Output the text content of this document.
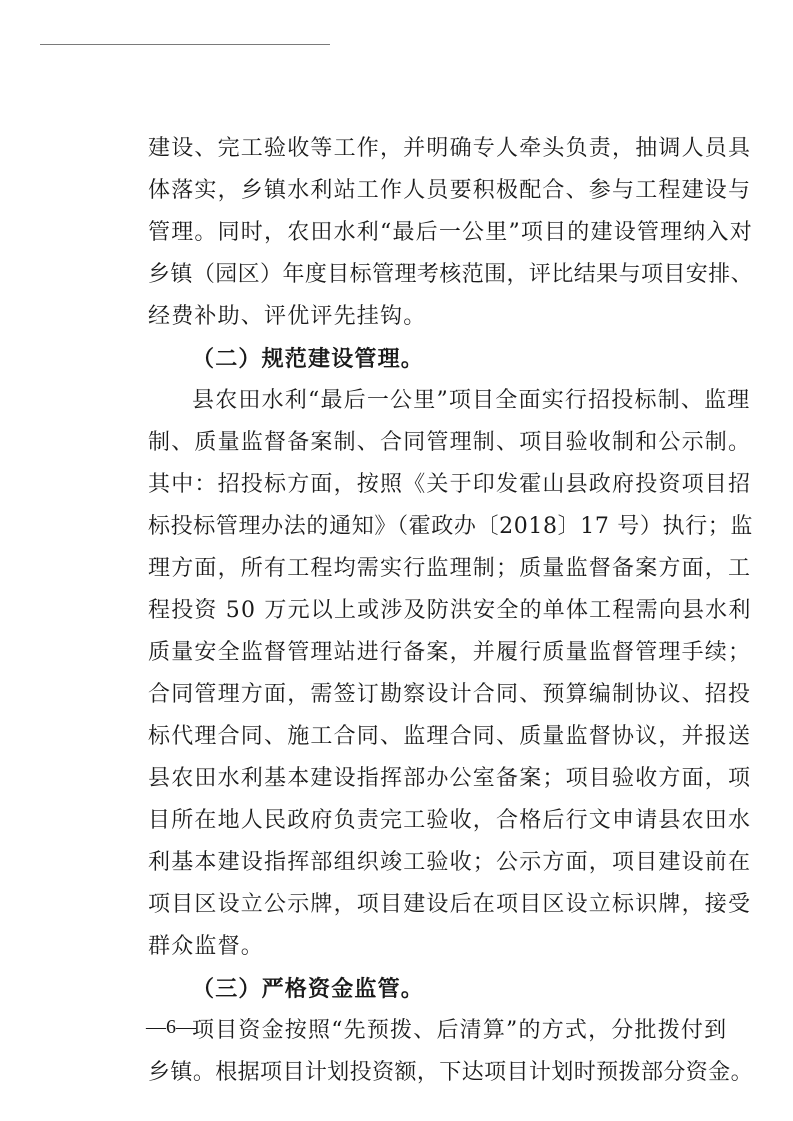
建设、完工验收等工作，并明确专人牵头负责，抽调人员具
体落实，乡镇水利站工作人员要积极配合、参与工程建设与
管理。同时，农田水利“最后一公里”项目的建设管理纳入对
乡镇（园区）年度目标管理考核范围，评比结果与项目安排、
经费补助、评优评先挂钩。
（二）规范建设管理。
县农田水利“最后一公里”项目全面实行招投标制、监理
制、质量监督备案制、合同管理制、项目验收制和公示制。
其中：招投标方面，按照《关于印发霍山县政府投资项目招
标投标管理办法的通知》（霍政办〔2018〕17 号）执行；监
理方面，所有工程均需实行监理制；质量监督备案方面，工
程投资 50 万元以上或涉及防洪安全的单体工程需向县水利
质量安全监督管理站进行备案，并履行质量监督管理手续；
合同管理方面，需签订勘察设计合同、预算编制协议、招投
标代理合同、施工合同、监理合同、质量监督协议，并报送
县农田水利基本建设指挥部办公室备案；项目验收方面，项
目所在地人民政府负责完工验收，合格后行文申请县农田水
利基本建设指挥部组织竣工验收；公示方面，项目建设前在
项目区设立公示牌，项目建设后在项目区设立标识牌，接受
群众监督。
（三）严格资金监管。
项目资金按照“先预拨、后清算”的方式，分批拨付到
乡镇。根据项目计划投资额，下达项目计划时预拨部分资金。
—6—
